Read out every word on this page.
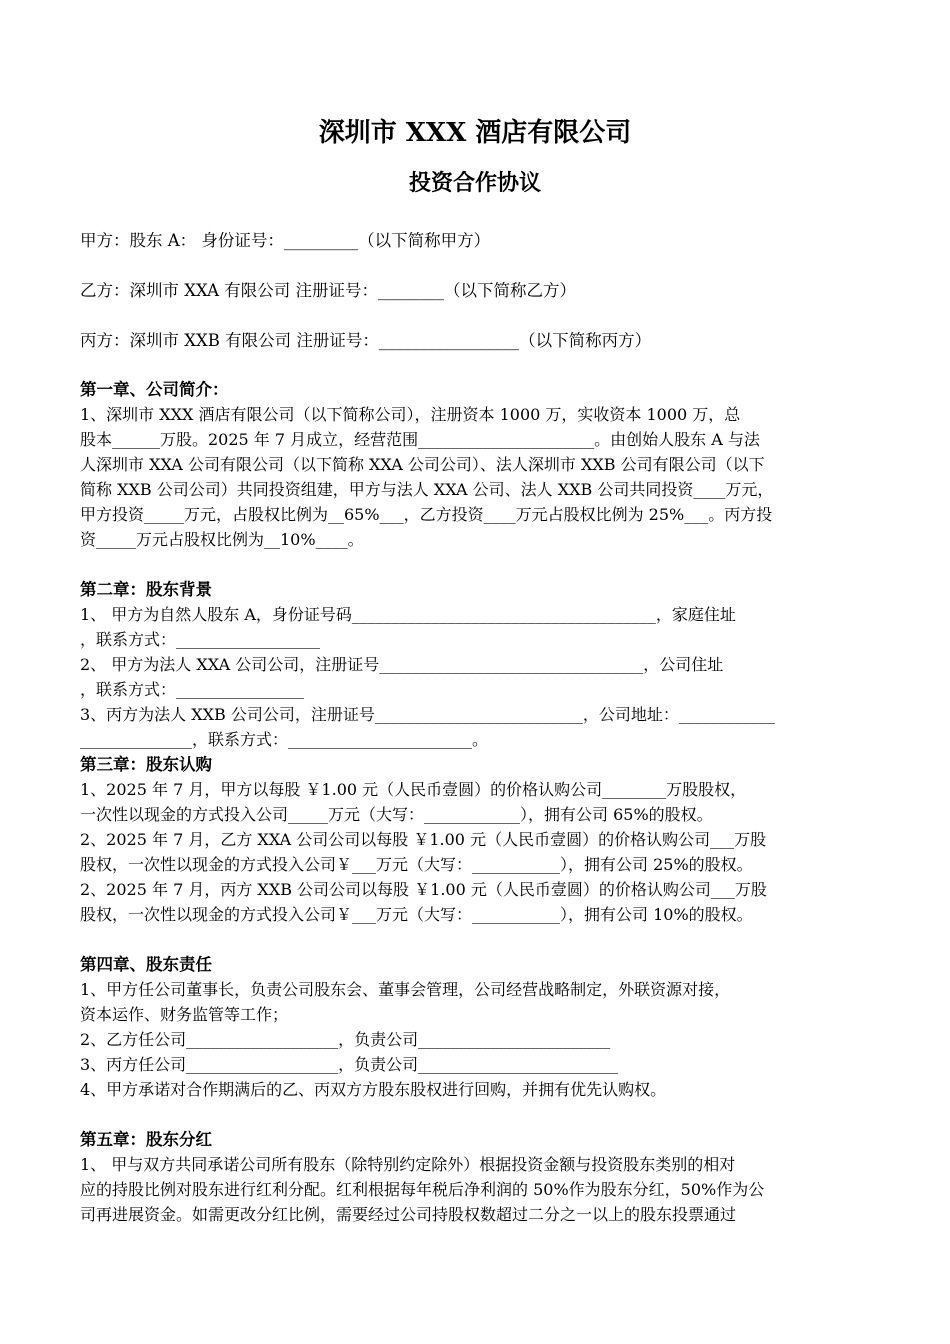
深圳市 XXX 酒店有限公司
投资合作协议
甲方：股东 A： 身份证号：_________（以下简称甲方）
乙方：深圳市 XXA 有限公司 注册证号：________（以下简称乙方）
丙方：深圳市 XXB 有限公司 注册证号：_________________（以下简称丙方）
第一章、公司简介：
1、深圳市 XXX 酒店有限公司（以下简称公司），注册资本 1000 万，实收资本 1000 万，总
股本______万股。2025 年 7 月成立，经营范围______________________。由创始人股东 A 与法
人深圳市 XXA 公司有限公司（以下简称 XXA 公司公司）、法人深圳市 XXB 公司有限公司（以下
简称 XXB 公司公司）共同投资组建，甲方与法人 XXA 公司、法人 XXB 公司共同投资____万元，
甲方投资_____万元，占股权比例为__65%___，乙方投资____万元占股权比例为 25%___。丙方投
资_____万元占股权比例为__10%____。
第二章：股东背景
1、 甲方为自然人股东 A，身份证号码______________________________________，家庭住址
，联系方式：__________________
2、 甲方为法人 XXA 公司公司，注册证号_________________________________，公司住址
，联系方式：________________
3、丙方为法人 XXB 公司公司，注册证号__________________________，公司地址：____________
______________，联系方式：_______________________。
第三章：股东认购
1、2025 年 7 月，甲方以每股 ￥1.00 元（人民币壹圆）的价格认购公司________万股股权，
一次性以现金的方式投入公司_____万元（大写：____________），拥有公司 65%的股权。
2、2025 年 7 月，乙方 XXA 公司公司以每股 ￥1.00 元（人民币壹圆）的价格认购公司___万股
股权，一次性以现金的方式投入公司￥___万元（大写：___________），拥有公司 25%的股权。
2、2025 年 7 月，丙方 XXB 公司公司以每股 ￥1.00 元（人民币壹圆）的价格认购公司___万股
股权，一次性以现金的方式投入公司￥___万元（大写：___________），拥有公司 10%的股权。
第四章、股东责任
1、甲方任公司董事长，负责公司股东会、董事会管理，公司经营战略制定，外联资源对接，
资本运作、财务监管等工作；
2、乙方任公司___________________，负责公司________________________
3、丙方任公司___________________，负责公司_________________________
4、甲方承诺对合作期满后的乙、丙双方方股东股权进行回购，并拥有优先认购权。
第五章：股东分红
1、 甲与双方共同承诺公司所有股东（除特别约定除外）根据投资金额与投资股东类别的相对
应的持股比例对股东进行红利分配。红利根据每年税后净利润的 50%作为股东分红，50%作为公
司再进展资金。如需更改分红比例，需要经过公司持股权数超过二分之一以上的股东投票通过
